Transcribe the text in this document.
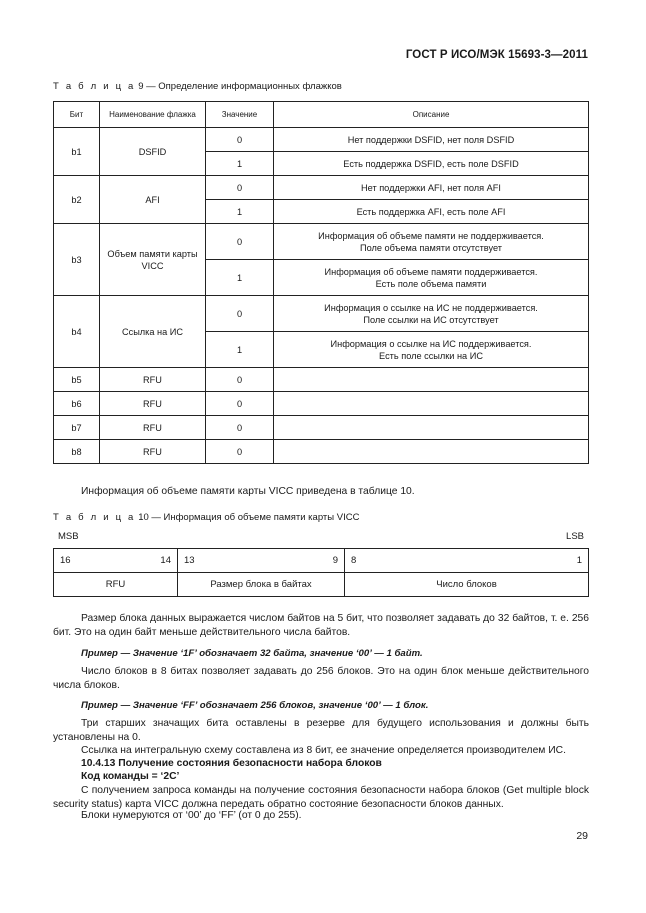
ГОСТ Р ИСО/МЭК 15693-3—2011
Т а б л и ц а 9 — Определение информационных флажков
Бит	Наименование флажка	Значение	Описание
b1	DSFID	0	Нет поддержки DSFID, нет поля DSFID

		1	Есть поддержка DSFID, есть поле DSFID

b2	AFI	0	Нет поддержки AFI, нет поля AFI

		1	Есть поддержка AFI, есть поле AFI

b3	Объем памяти карты VICC	0	Информация об объеме памяти не поддерживается.
Поле объема памяти отсутствует

		1	Информация об объеме памяти поддерживается.
Есть поле объема памяти

b4	Ссылка на ИС	0	Информация о ссылке на ИС не поддерживается.
Поле ссылки на ИС отсутствует

		1	Информация о ссылке на ИС поддерживается.
Есть поле ссылки на ИС

b5	RFU	0	

b6	RFU	0	

b7	RFU	0	

b8	RFU	0	
Информация об объеме памяти карты VICC приведена в таблице 10.
Т а б л и ц а 10 — Информация об объеме памяти карты VICC
MSB	LSB
16 14	13 9	8 1

RFU	Размер блока в байтах	Число блоков
Размер блока данных выражается числом байтов на 5 бит, что позволяет задавать до 32 байтов, т. е. 256 бит. Это на один байт меньше действительного числа байтов.
Пример — Значение ‘1F’ обозначает 32 байта, значение ‘00’ — 1 байт.
Число блоков в 8 битах позволяет задавать до 256 блоков. Это на один блок меньше действительного числа блоков.
Пример — Значение ‘FF’ обозначает 256 блоков, значение ‘00’ — 1 блок.
Три старших значащих бита оставлены в резерве для будущего использования и должны быть установлены на 0.
Ссылка на интегральную схему составлена из 8 бит, ее значение определяется производителем ИС.
10.4.13 Получение состояния безопасности набора блоков
Код команды = ‘2C’
С получением запроса команды на получение состояния безопасности набора блоков (Get multiple block security status) карта VICC должна передать обратно состояние безопасности блоков данных.
Блоки нумеруются от ‘00’ до ‘FF’ (от 0 до 255).
29
